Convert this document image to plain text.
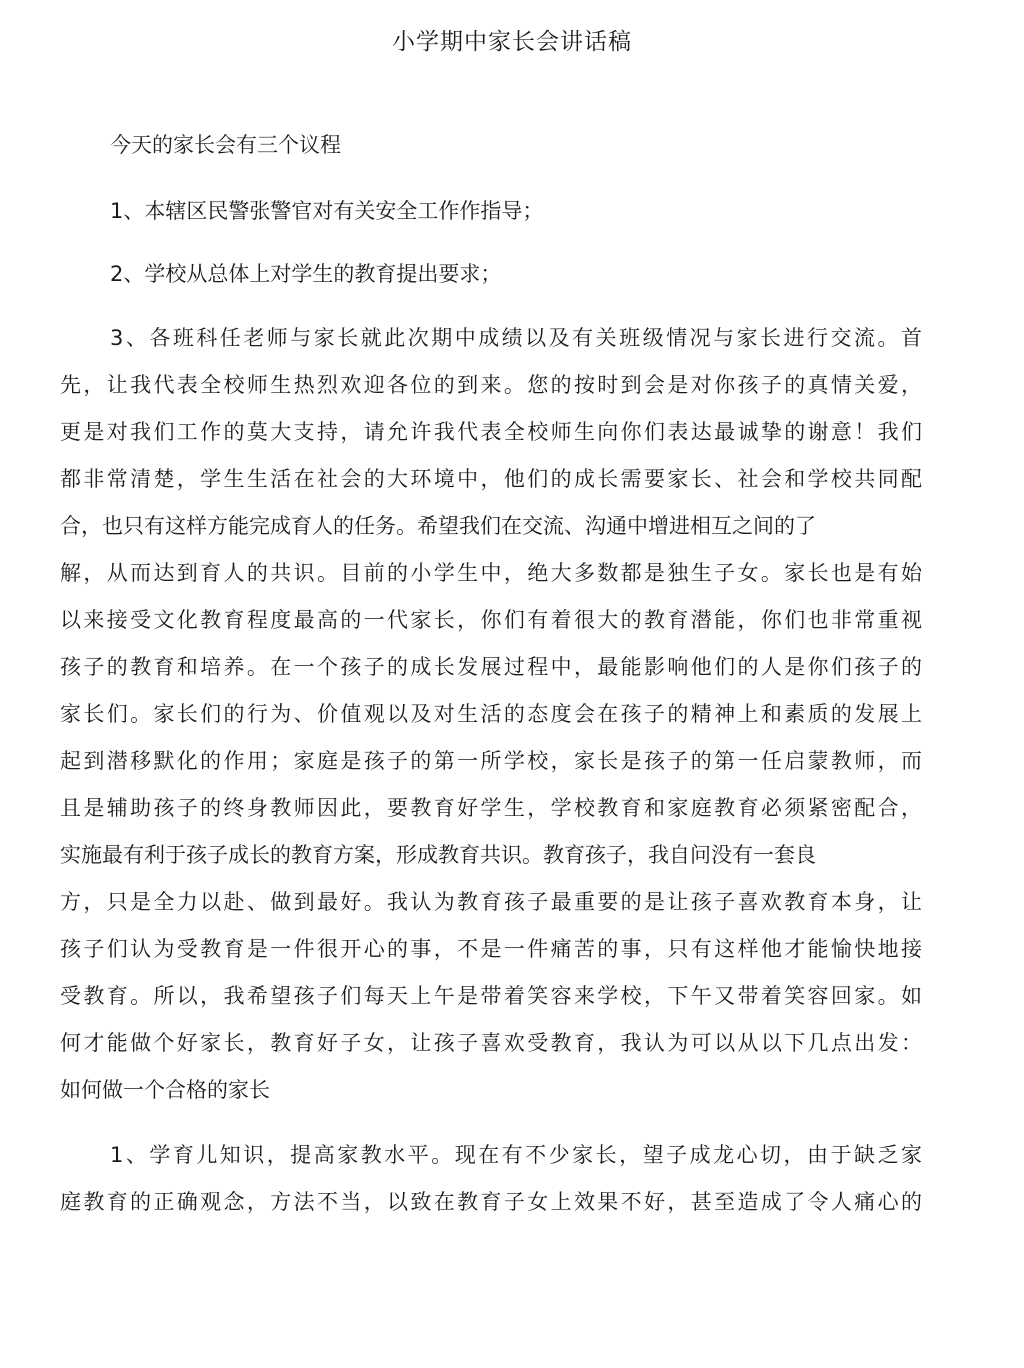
小学期中家长会讲话稿

今天的家长会有三个议程

1、本辖区民警张警官对有关安全工作作指导；

2、学校从总体上对学生的教育提出要求；

3、各班科任老师与家长就此次期中成绩以及有关班级情况与家长进行交流。首

先，让我代表全校师生热烈欢迎各位的到来。您的按时到会是对你孩子的真情关爱，

更是对我们工作的莫大支持，请允许我代表全校师生向你们表达最诚挚的谢意！我们

都非常清楚，学生生活在社会的大环境中，他们的成长需要家长、社会和学校共同配

合，也只有这样方能完成育人的任务。希望我们在交流、沟通中增进相互之间的了

解，从而达到育人的共识。目前的小学生中，绝大多数都是独生子女。家长也是有始

以来接受文化教育程度最高的一代家长，你们有着很大的教育潜能，你们也非常重视

孩子的教育和培养。在一个孩子的成长发展过程中，最能影响他们的人是你们孩子的

家长们。家长们的行为、价值观以及对生活的态度会在孩子的精神上和素质的发展上

起到潜移默化的作用；家庭是孩子的第一所学校，家长是孩子的第一任启蒙教师，而

且是辅助孩子的终身教师因此，要教育好学生，学校教育和家庭教育必须紧密配合，

实施最有利于孩子成长的教育方案，形成教育共识。教育孩子，我自问没有一套良

方，只是全力以赴、做到最好。我认为教育孩子最重要的是让孩子喜欢教育本身，让

孩子们认为受教育是一件很开心的事，不是一件痛苦的事，只有这样他才能愉快地接

受教育。所以，我希望孩子们每天上午是带着笑容来学校，下午又带着笑容回家。如

何才能做个好家长，教育好子女，让孩子喜欢受教育，我认为可以从以下几点出发：

如何做一个合格的家长

1、学育儿知识，提高家教水平。现在有不少家长，望子成龙心切，由于缺乏家

庭教育的正确观念，方法不当，以致在教育子女上效果不好，甚至造成了令人痛心的
